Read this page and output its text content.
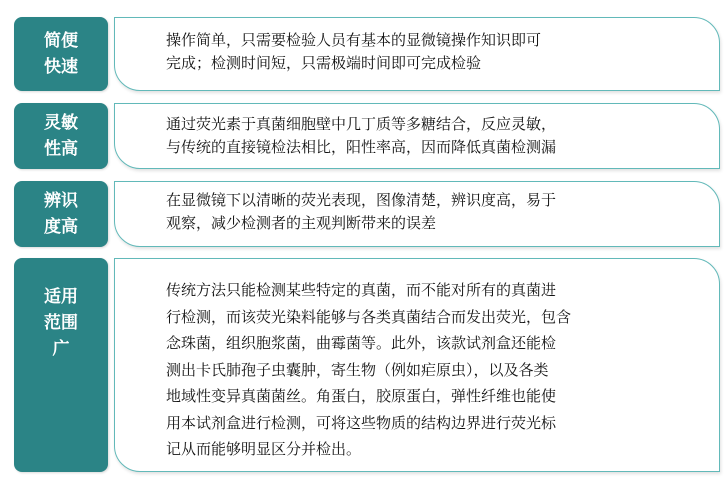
简便
快速
操作简单，只需要检验人员有基本的显微镜操作知识即可
完成；检测时间短，只需极端时间即可完成检验
灵敏
性高
通过荧光素于真菌细胞壁中几丁质等多糖结合，反应灵敏，
与传统的直接镜检法相比，阳性率高，因而降低真菌检测漏
辨识
度高
在显微镜下以清晰的荧光表现，图像清楚，辨识度高，易于
观察，减少检测者的主观判断带来的误差
适用
范围
广
传统方法只能检测某些特定的真菌，而不能对所有的真菌进
行检测，而该荧光染料能够与各类真菌结合而发出荧光，包含
念珠菌，组织胞浆菌，曲霉菌等。此外，该款试剂盒还能检
测出卡氏肺孢子虫囊肿，寄生物（例如疟原虫），以及各类
地域性变异真菌菌丝。角蛋白，胶原蛋白，弹性纤维也能使
用本试剂盒进行检测，可将这些物质的结构边界进行荧光标
记从而能够明显区分并检出。
